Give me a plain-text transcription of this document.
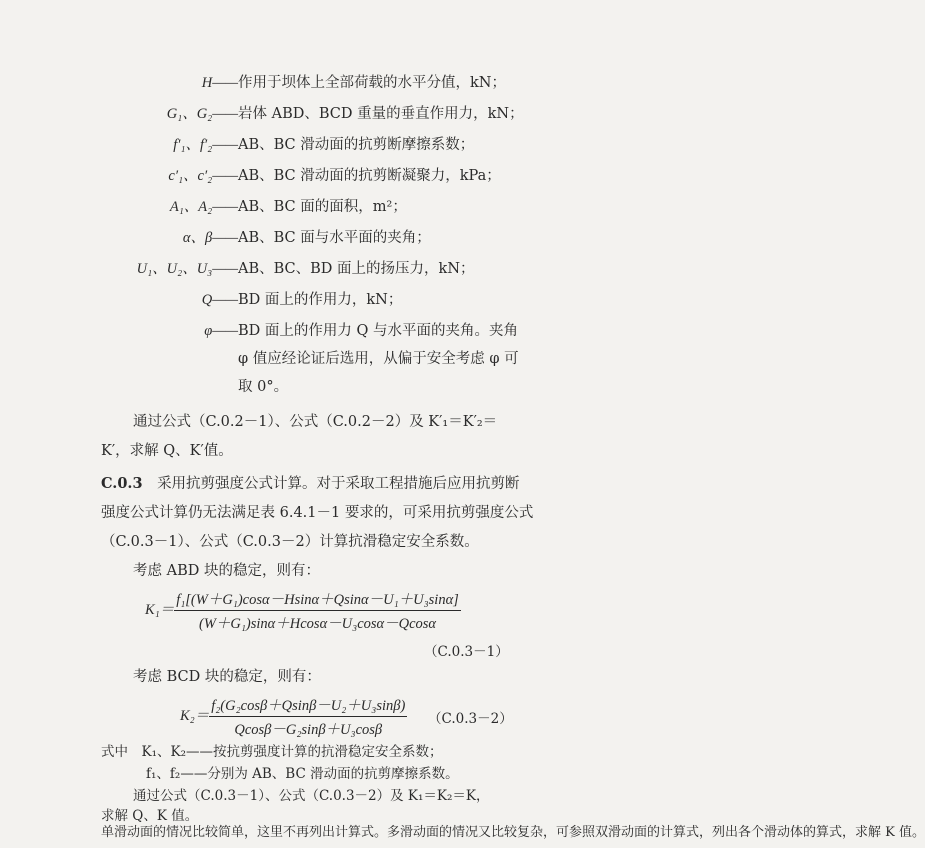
H—— 作用于坝体上全部荷载的水平分值，kN；
G₁、G₂—— 岩体 ABD、BCD 重量的垂直作用力，kN；
f′₁、f′₂—— AB、BC 滑动面的抗剪断摩擦系数；
c′₁、c′₂—— AB、BC 滑动面的抗剪断凝聚力，kPa；
A₁、A₂—— AB、BC 面的面积，m²；
α、β—— AB、BC 面与水平面的夹角；
U₁、U₂、U₃—— AB、BC、BD 面上的扬压力，kN；
Q—— BD 面上的作用力，kN；
φ—— BD 面上的作用力 Q 与水平面的夹角。夹角
φ 值应经论证后选用，从偏于安全考虑 φ 可
取 0°。
通过公式（C.0.2－1）、公式（C.0.2－2）及 K′₁＝K′₂＝
K′，求解 Q、K′值。
C.0.3　 采用抗剪强度公式计算。对于采取工程措施后应用抗剪断
强度公式计算仍无法满足表 6.4.1－1 要求的，可采用抗剪强度公式
（C.0.3－1）、公式（C.0.3－2）计算抗滑稳定安全系数。
考虑 ABD 块的稳定，则有：
$K_1= \frac{\text{f₁[(W＋G₁)cosα－Hsinα＋Qsinα－U₁＋U₃sinα]}}{\text{(W＋G₁)sinα＋Hcosα－U₃cosα－Qcosα}}$
（C.0.3－1）
考虑 BCD 块的稳定，则有：
$K_2= \frac{\text{f₂(G₂cosβ＋Qsinβ－U₂＋U₃sinβ)}}{\text{Qcosβ－G₂sinβ＋U₃cosβ}} (C.0.3-2)$
式中　K₁、K₂——按抗剪强度计算的抗滑稳定安全系数；
f₁、f₂——分别为 AB、BC 滑动面的抗剪摩擦系数。
通过公式（C.0.3－1）、公式（C.0.3－2）及 K₁＝K₂＝K，
求解 Q、K 值。
单滑动面的情况比较简单，这里不再列出计算式。多滑动面的情况又比较复杂，可参照双滑动面的计算式，列出各个滑动体的算式，求解 K 值。
